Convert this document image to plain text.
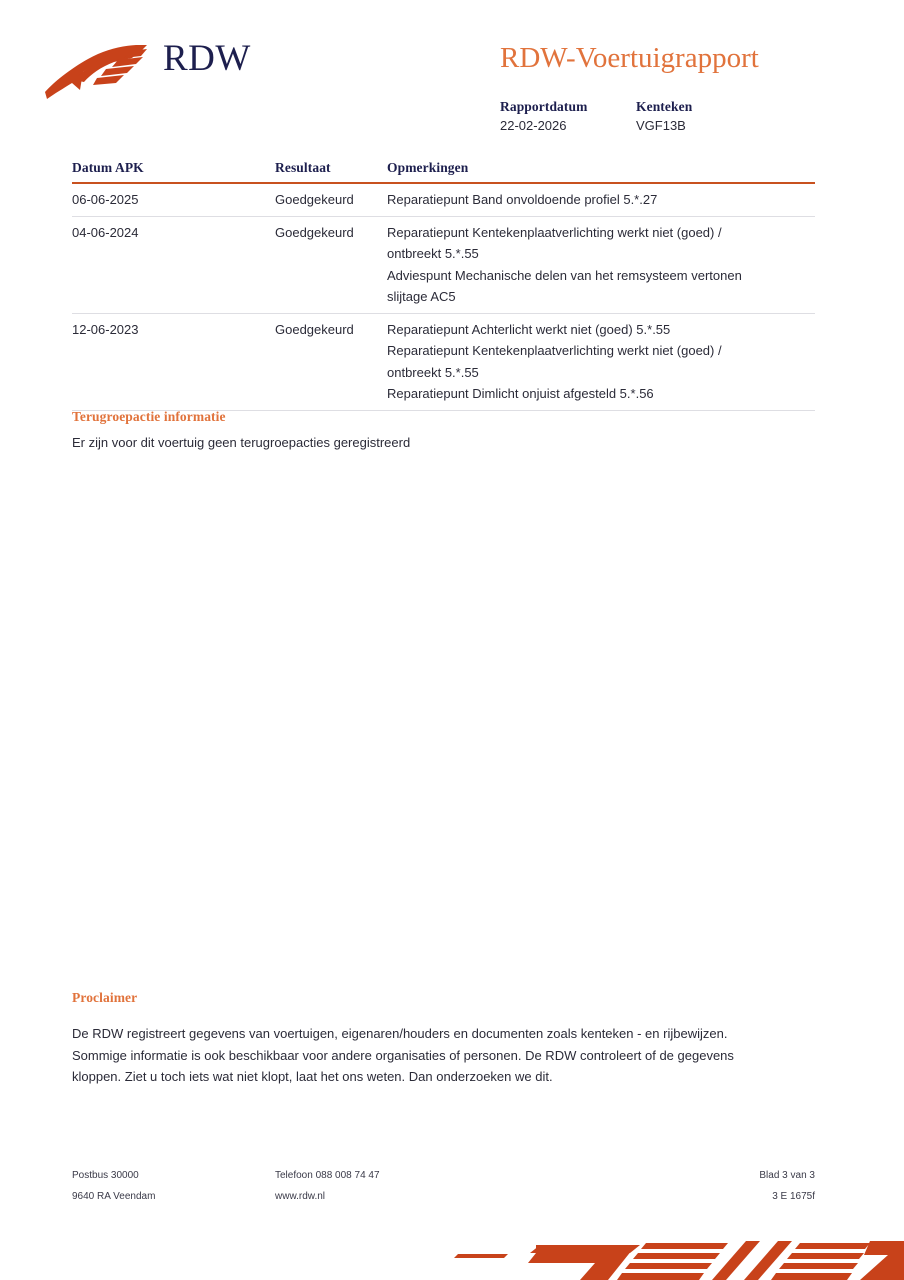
RDW	RDW-Voertuigrapport
Rapportdatum	Kenteken
22-02-2026	VGF13B
Datum APK	Resultaat	Opmerkingen
06-06-2025	Goedgekeurd	Reparatiepunt Band onvoldoende profiel 5.*.27
04-06-2024	Goedgekeurd	Reparatiepunt Kentekenplaatverlichting werkt niet (goed) /
ontbreekt 5.*.55
Adviespunt Mechanische delen van het remsysteem vertonen
slijtage AC5
12-06-2023	Goedgekeurd	Reparatiepunt Achterlicht werkt niet (goed) 5.*.55
Reparatiepunt Kentekenplaatverlichting werkt niet (goed) /
ontbreekt 5.*.55
Reparatiepunt Dimlicht onjuist afgesteld 5.*.56
Terugroepactie informatie
Er zijn voor dit voertuig geen terugroepacties geregistreerd
Proclaimer

De RDW registreert gegevens van voertuigen, eigenaren/houders en documenten zoals kenteken - en rijbewijzen.

Sommige informatie is ook beschikbaar voor andere organisaties of personen. De RDW controleert of de gegevens

kloppen. Ziet u toch iets wat niet klopt, laat het ons weten. Dan onderzoeken we dit.

Postbus 30000	Telefoon 088 008 74 47	Blad 3 van 3
9640 RA Veendam	www.rdw.nl	3 E 1675f
